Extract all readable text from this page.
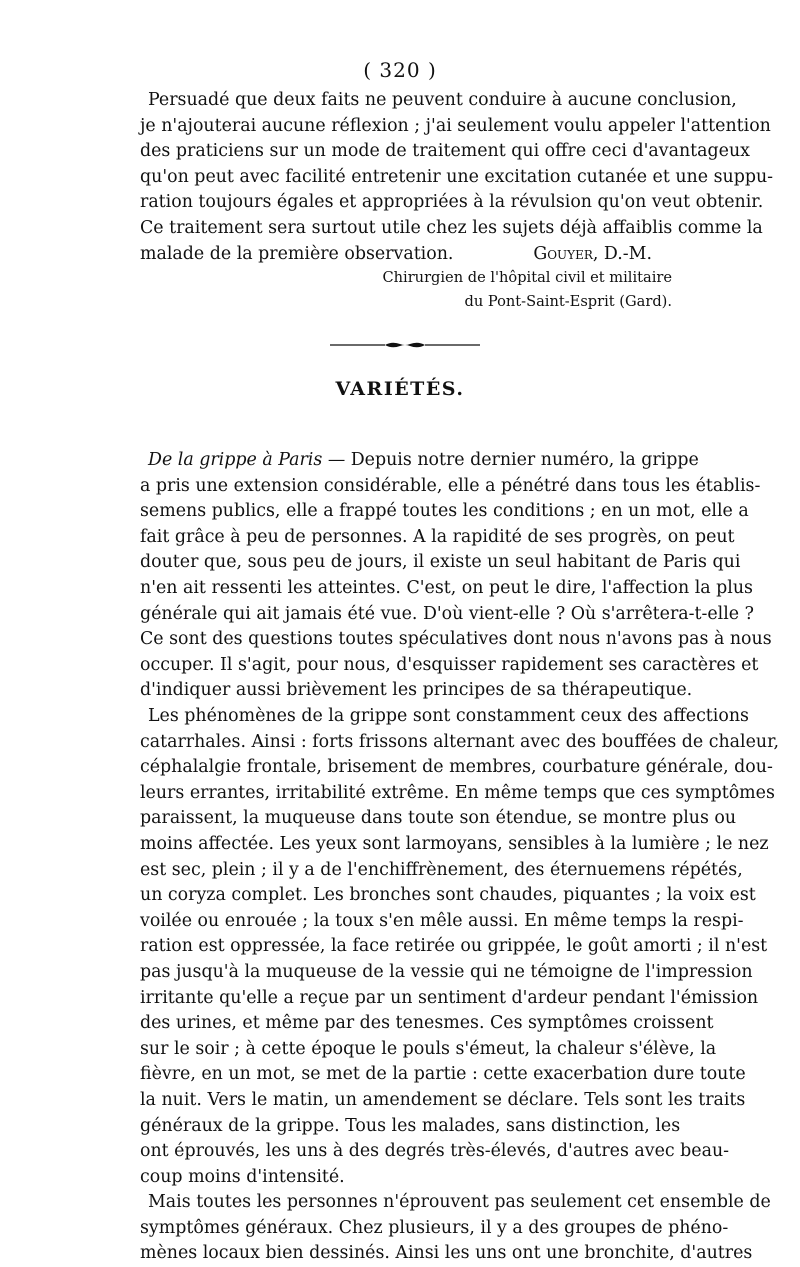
( 320 )
Persuadé que deux faits ne peuvent conduire à aucune conclusion,
je n'ajouterai aucune réflexion ; j'ai seulement voulu appeler l'attention
des praticiens sur un mode de traitement qui offre ceci d'avantageux
qu'on peut avec facilité entretenir une excitation cutanée et une suppu-
ration toujours égales et appropriées à la révulsion qu'on veut obtenir.
Ce traitement sera surtout utile chez les sujets déjà affaiblis comme la
malade de la première observation.	Gouyer, D.-M.
Chirurgien de l'hôpital civil et militaire
du Pont-Saint-Esprit (Gard).
VARIÉTÉS.
De la grippe à Paris — Depuis notre dernier numéro, la grippe
a pris une extension considérable, elle a pénétré dans tous les établis-
semens publics, elle a frappé toutes les conditions ; en un mot, elle a
fait grâce à peu de personnes. A la rapidité de ses progrès, on peut
douter que, sous peu de jours, il existe un seul habitant de Paris qui
n'en ait ressenti les atteintes. C'est, on peut le dire, l'affection la plus
générale qui ait jamais été vue. D'où vient-elle ? Où s'arrêtera-t-elle ?
Ce sont des questions toutes spéculatives dont nous n'avons pas à nous
occuper. Il s'agit, pour nous, d'esquisser rapidement ses caractères et
d'indiquer aussi brièvement les principes de sa thérapeutique.
Les phénomènes de la grippe sont constamment ceux des affections
catarrhales. Ainsi : forts frissons alternant avec des bouffées de chaleur,
céphalalgie frontale, brisement de membres, courbature générale, dou-
leurs errantes, irritabilité extrême. En même temps que ces symptômes
paraissent, la muqueuse dans toute son étendue, se montre plus ou
moins affectée. Les yeux sont larmoyans, sensibles à la lumière ; le nez
est sec, plein ; il y a de l'enchiffrènement, des éternuemens répétés,
un coryza complet. Les bronches sont chaudes, piquantes ; la voix est
voilée ou enrouée ; la toux s'en mêle aussi. En même temps la respi-
ration est oppressée, la face retirée ou grippée, le goût amorti ; il n'est
pas jusqu'à la muqueuse de la vessie qui ne témoigne de l'impression
irritante qu'elle a reçue par un sentiment d'ardeur pendant l'émission
des urines, et même par des tenesmes. Ces symptômes croissent
sur le soir ; à cette époque le pouls s'émeut, la chaleur s'élève, la
fièvre, en un mot, se met de la partie : cette exacerbation dure toute
la nuit. Vers le matin, un amendement se déclare. Tels sont les traits
généraux de la grippe. Tous les malades, sans distinction, les
ont éprouvés, les uns à des degrés très-élevés, d'autres avec beau-
coup moins d'intensité.
Mais toutes les personnes n'éprouvent pas seulement cet ensemble de
symptômes généraux. Chez plusieurs, il y a des groupes de phéno-
mènes locaux bien dessinés. Ainsi les uns ont une bronchite, d'autres
